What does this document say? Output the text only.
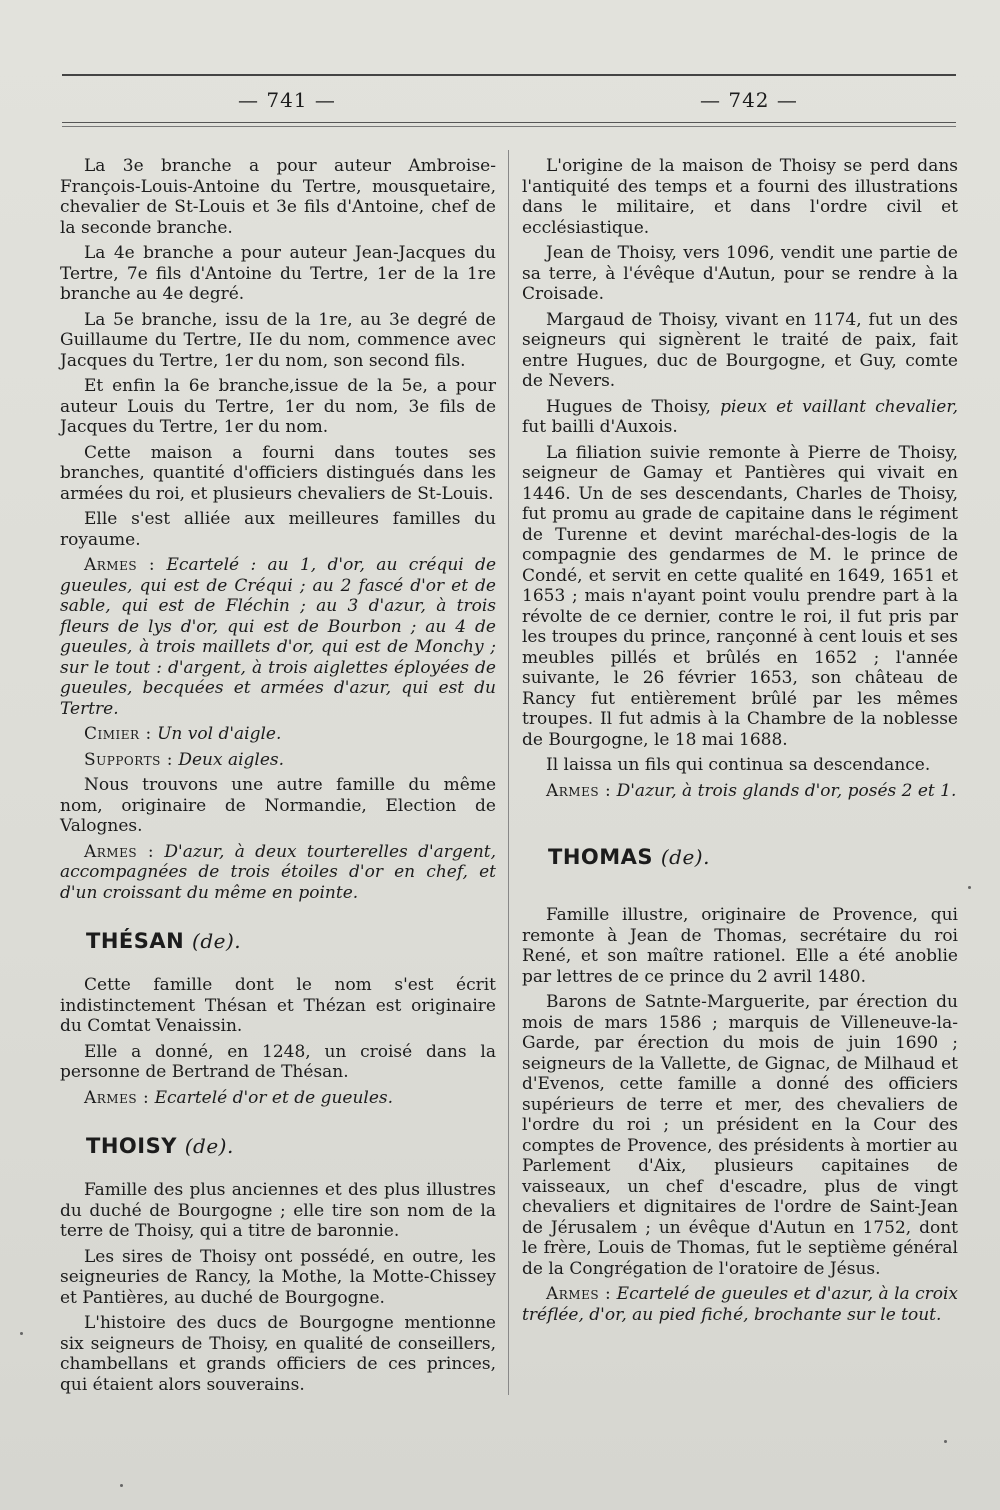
— 741 —	— 742 —

La 3e branche a pour auteur Ambroise-François-Louis-Antoine du Tertre, mousquetaire, chevalier de St-Louis et 3e fils d'Antoine, chef de la seconde branche.

La 4e branche a pour auteur Jean-Jacques du Tertre, 7e fils d'Antoine du Tertre, 1er de la 1re branche au 4e degré.

La 5e branche, issu de la 1re, au 3e degré de Guillaume du Tertre, IIe du nom, commence avec Jacques du Tertre, 1er du nom, son second fils.

Et enfin la 6e branche,issue de la 5e, a pour auteur Louis du Tertre, 1er du nom, 3e fils de Jacques du Tertre, 1er du nom.

Cette maison a fourni dans toutes ses branches, quantité d'officiers distingués dans les armées du roi, et plusieurs chevaliers de St-Louis.

Elle s'est alliée aux meilleures familles du royaume.

Armes : Ecartelé : au 1, d'or, au créqui de gueules, qui est de Créqui ; au 2 fascé d'or et de sable, qui est de Fléchin ; au 3 d'azur, à trois fleurs de lys d'or, qui est de Bourbon ; au 4 de gueules, à trois maillets d'or, qui est de Monchy ; sur le tout : d'argent, à trois aiglettes éployées de gueules, becquées et armées d'azur, qui est du Tertre.

Cimier : Un vol d'aigle.

Supports : Deux aigles.

Nous trouvons une autre famille du même nom, originaire de Normandie, Election de Valognes.

Armes : D'azur, à deux tourterelles d'argent, accompagnées de trois étoiles d'or en chef, et d'un croissant du même en pointe.

THÉSAN (de).

Cette famille dont le nom s'est écrit indistinctement Thésan et Thézan est originaire du Comtat Venaissin.

Elle a donné, en 1248, un croisé dans la personne de Bertrand de Thésan.

Armes : Ecartelé d'or et de gueules.

THOISY (de).

Famille des plus anciennes et des plus illustres du duché de Bourgogne ; elle tire son nom de la terre de Thoisy, qui a titre de baronnie.

Les sires de Thoisy ont possédé, en outre, les seigneuries de Rancy, la Mothe, la Motte-Chissey et Pantières, au duché de Bourgogne.

L'histoire des ducs de Bourgogne mentionne six seigneurs de Thoisy, en qualité de conseillers, chambellans et grands officiers de ces princes, qui étaient alors souverains.

L'origine de la maison de Thoisy se perd dans l'antiquité des temps et a fourni des illustrations dans le militaire, et dans l'ordre civil et ecclésiastique.

Jean de Thoisy, vers 1096, vendit une partie de sa terre, à l'évêque d'Autun, pour se rendre à la Croisade.

Margaud de Thoisy, vivant en 1174, fut un des seigneurs qui signèrent le traité de paix, fait entre Hugues, duc de Bourgogne, et Guy, comte de Nevers.

Hugues de Thoisy, pieux et vaillant chevalier, fut bailli d'Auxois.

La filiation suivie remonte à Pierre de Thoisy, seigneur de Gamay et Pantières qui vivait en 1446. Un de ses descendants, Charles de Thoisy, fut promu au grade de capitaine dans le régiment de Turenne et devint maréchal-des-logis de la compagnie des gendarmes de M. le prince de Condé, et servit en cette qualité en 1649, 1651 et 1653 ; mais n'ayant point voulu prendre part à la révolte de ce dernier, contre le roi, il fut pris par les troupes du prince, rançonné à cent louis et ses meubles pillés et brûlés en 1652 ; l'année suivante, le 26 février 1653, son château de Rancy fut entièrement brûlé par les mêmes troupes. Il fut admis à la Chambre de la noblesse de Bourgogne, le 18 mai 1688.

Il laissa un fils qui continua sa descendance.

Armes : D'azur, à trois glands d'or, posés 2 et 1.

THOMAS (de).

Famille illustre, originaire de Provence, qui remonte à Jean de Thomas, secrétaire du roi René, et son maître rationel. Elle a été anoblie par lettres de ce prince du 2 avril 1480.

Barons de Satnte-Marguerite, par érection du mois de mars 1586 ; marquis de Villeneuve-la-Garde, par érection du mois de juin 1690 ; seigneurs de la Vallette, de Gignac, de Milhaud et d'Evenos, cette famille a donné des officiers supérieurs de terre et mer, des chevaliers de l'ordre du roi ; un président en la Cour des comptes de Provence, des présidents à mortier au Parlement d'Aix, plusieurs capitaines de vaisseaux, un chef d'escadre, plus de vingt chevaliers et dignitaires de l'ordre de Saint-Jean de Jérusalem ; un évêque d'Autun en 1752, dont le frère, Louis de Thomas, fut le septième général de la Congrégation de l'oratoire de Jésus.

Armes : Ecartelé de gueules et d'azur, à la croix tréflée, d'or, au pied fiché, brochante sur le tout.
